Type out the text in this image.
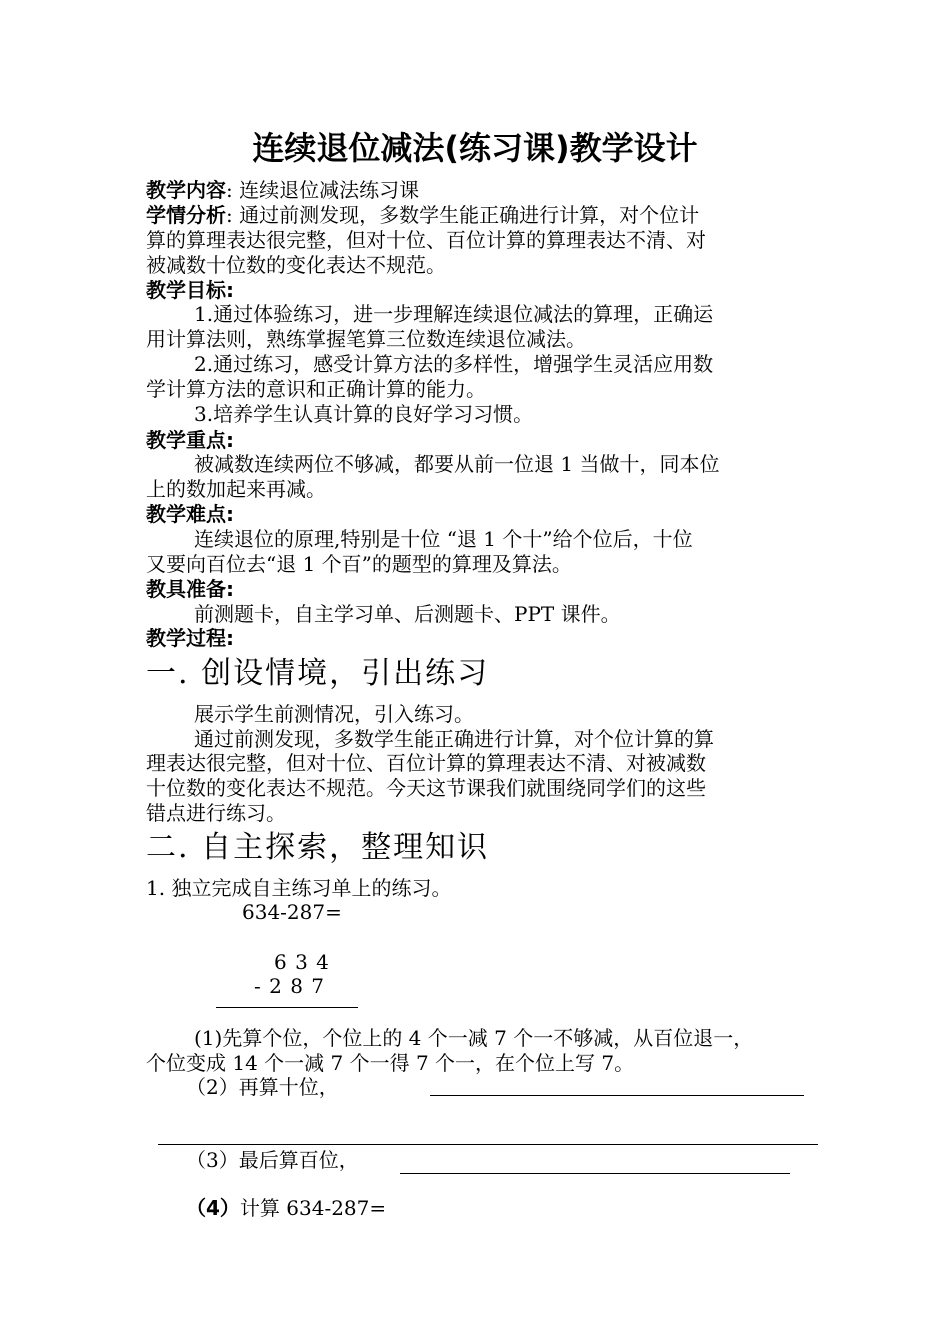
连续退位减法(练习课)教学设计
教学内容: 连续退位减法练习课
学情分析: 通过前测发现，多数学生能正确进行计算，对个位计
算的算理表达很完整，但对十位、百位计算的算理表达不清、对
被减数十位数的变化表达不规范。
教学目标:
1.通过体验练习，进一步理解连续退位减法的算理，正确运
用计算法则，熟练掌握笔算三位数连续退位减法。
2.通过练习，感受计算方法的多样性，增强学生灵活应用数
学计算方法的意识和正确计算的能力。
3.培养学生认真计算的良好学习习惯。
教学重点:
被减数连续两位不够减，都要从前一位退 1 当做十，同本位
上的数加起来再减。
教学难点:
连续退位的原理,特别是十位 “退 1 个十”给个位后，十位
又要向百位去“退 1 个百”的题型的算理及算法。
教具准备:
前测题卡，自主学习单、后测题卡、PPT 课件。
教学过程:
一. 创设情境，引出练习
展示学生前测情况，引入练习。
通过前测发现，多数学生能正确进行计算，对个位计算的算
理表达很完整，但对十位、百位计算的算理表达不清、对被减数
十位数的变化表达不规范。今天这节课我们就围绕同学们的这些
错点进行练习。
二. 自主探索，整理知识
1. 独立完成自主练习单上的练习。
634-287=
6 3 4
- 2 8 7
(1)先算个位，个位上的 4 个一减 7 个一不够减，从百位退一，
个位变成 14 个一减 7 个一得 7 个一，在个位上写 7。
（2）再算十位，
（3）最后算百位，
（4）计算 634-287=
